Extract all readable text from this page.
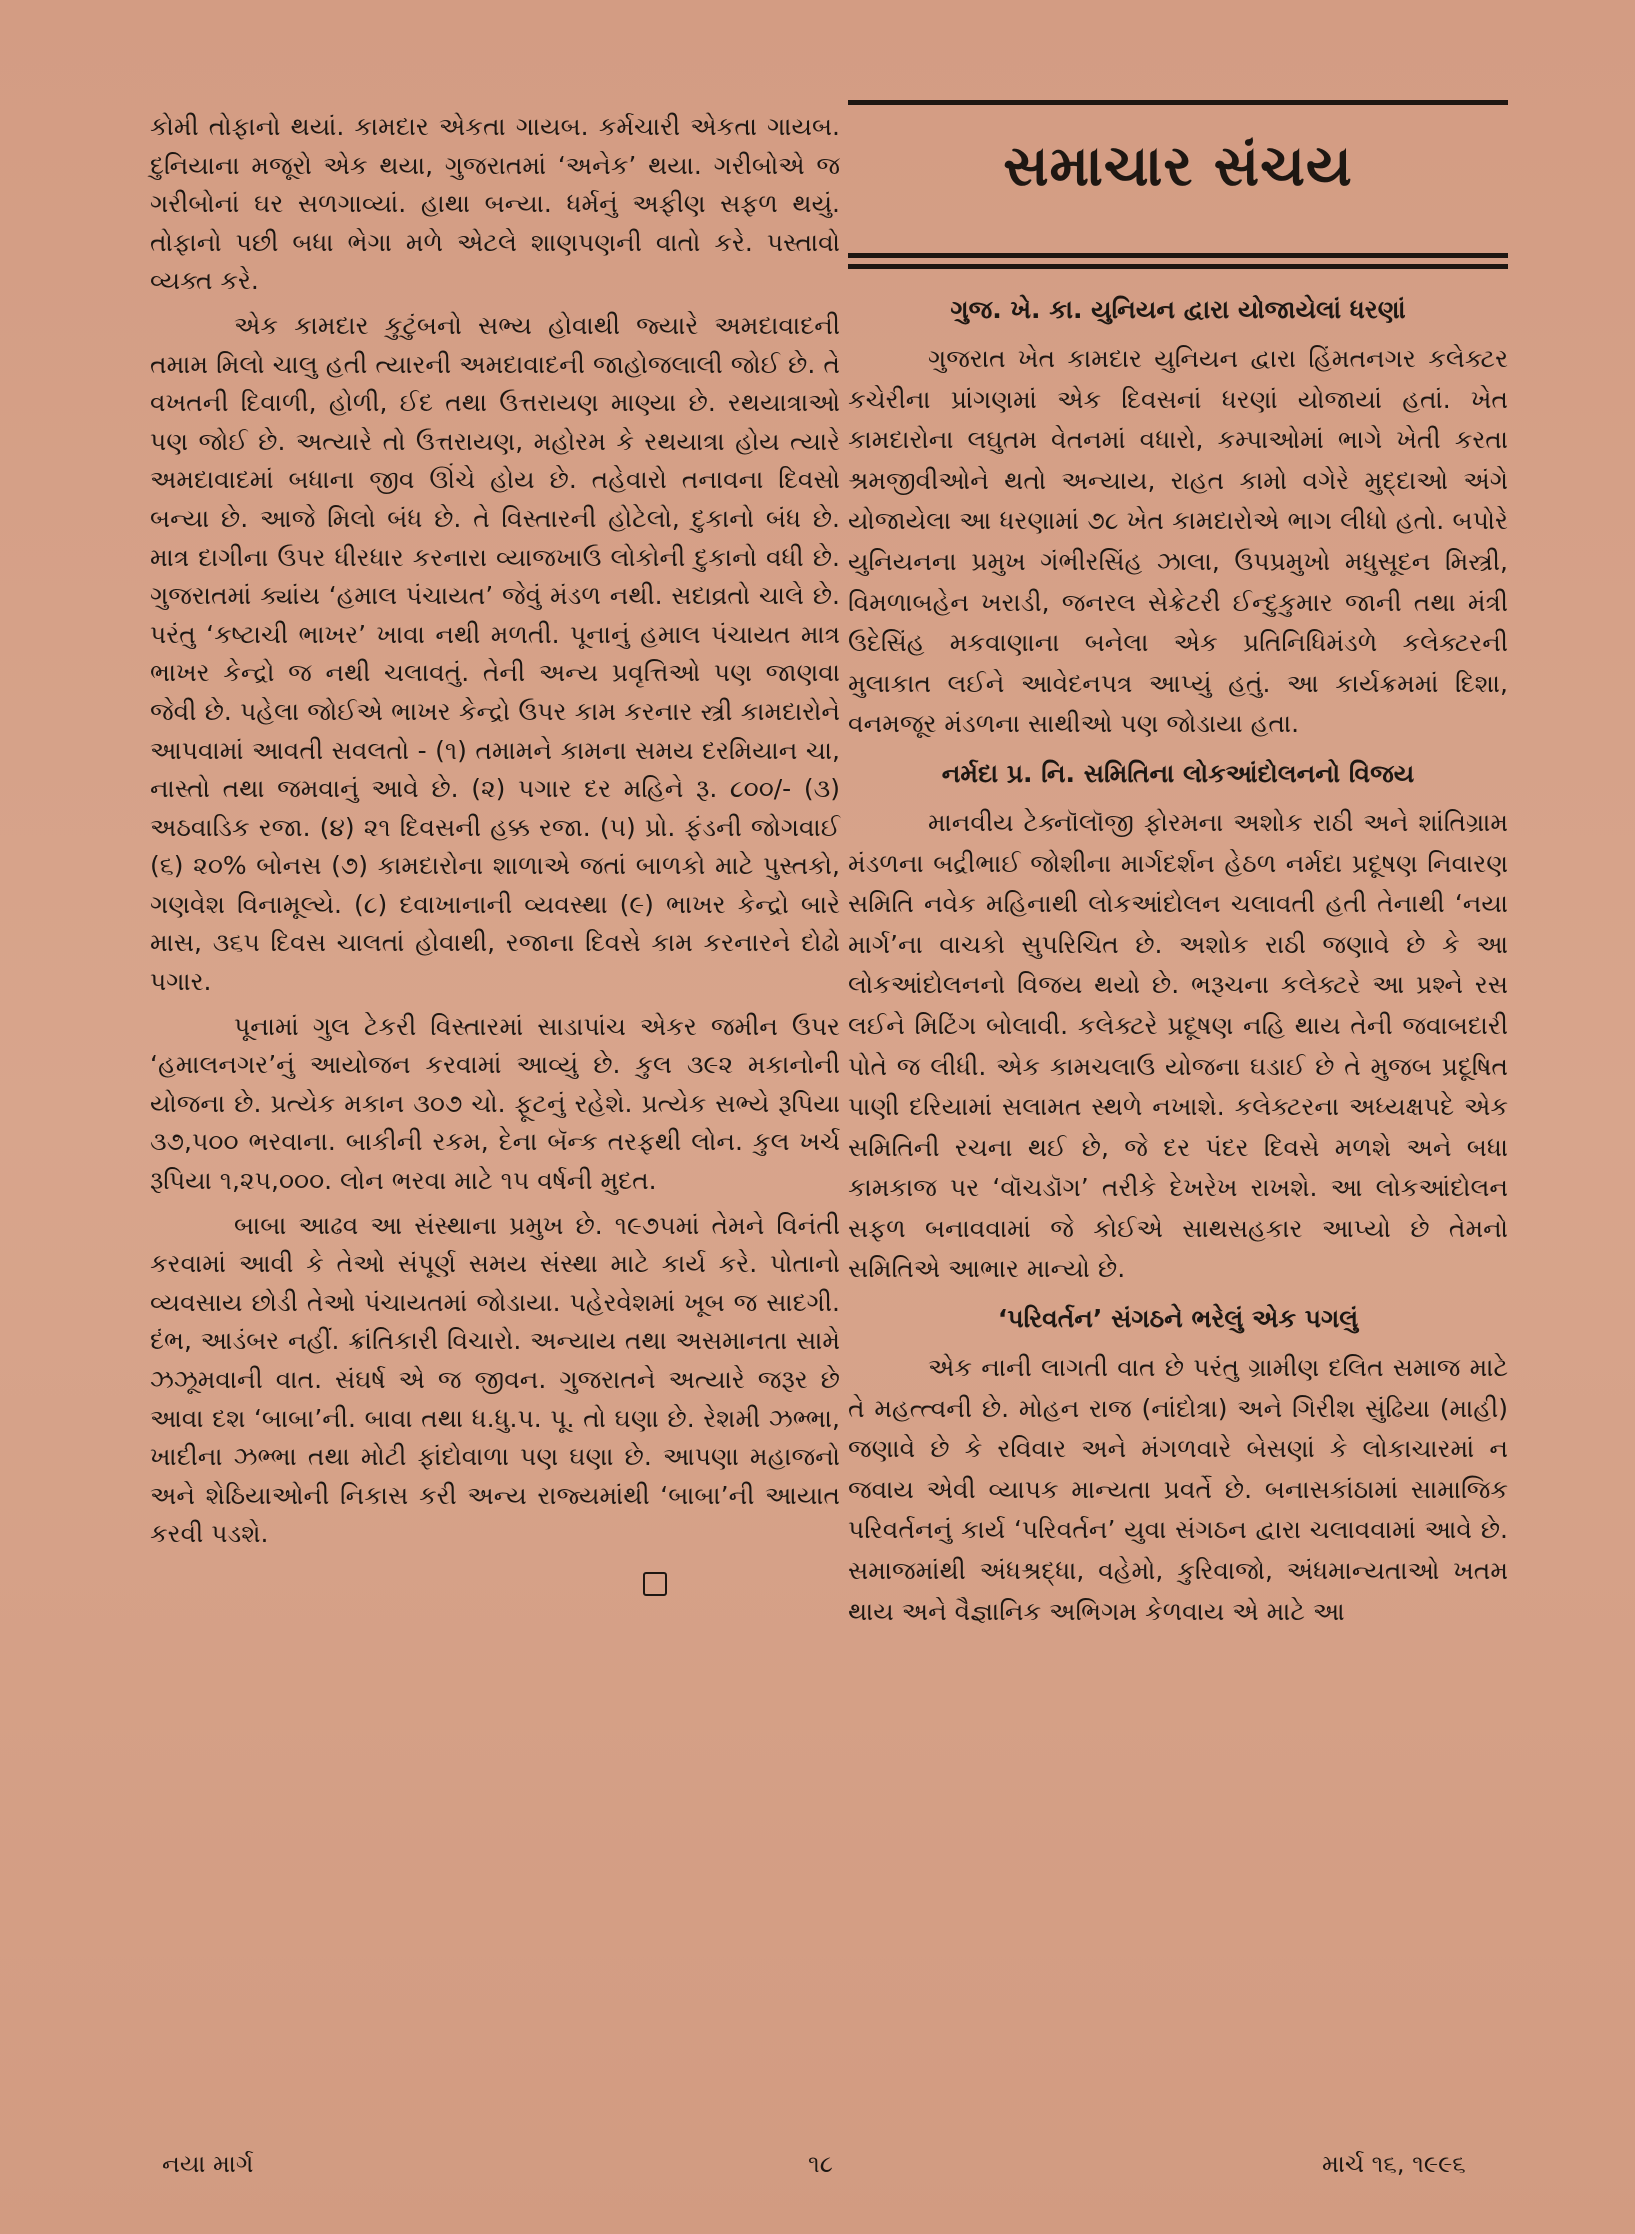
કોમી તોફાનો થયાં. કામદાર એકતા ગાયબ. કર્મચારી એકતા ગાયબ. દુનિયાના મજૂરો એક થયા, ગુજરાતમાં ‘અનેક’ થયા. ગરીબોએ જ ગરીબોનાં ઘર સળગાવ્યાં. હાથા બન્યા. ધર્મનું અફીણ સફળ થયું. તોફાનો પછી બધા ભેગા મળે એટલે શાણપણની વાતો કરે. પસ્તાવો વ્યક્ત કરે.

એક કામદાર કુટુંબનો સભ્ય હોવાથી જ્યારે અમદાવાદની તમામ મિલો ચાલુ હતી ત્યારની અમદાવાદની જાહોજલાલી જોઈ છે. તે વખતની દિવાળી, હોળી, ઈદ તથા ઉત્તરાયણ માણ્યા છે. રથયાત્રાઓ પણ જોઈ છે. અત્યારે તો ઉત્તરાયણ, મહોરમ કે રથયાત્રા હોય ત્યારે અમદાવાદમાં બધાના જીવ ઊંચે હોય છે. તહેવારો તનાવના દિવસો બન્યા છે. આજે મિલો બંધ છે. તે વિસ્તારની હોટેલો, દુકાનો બંધ છે. માત્ર દાગીના ઉપર ધીરધાર કરનારા વ્યાજખાઉ લોકોની દુકાનો વધી છે. ગુજરાતમાં ક્યાંય ‘હમાલ પંચાયત’ જેવું મંડળ નથી. સદાવ્રતો ચાલે છે. પરંતુ ‘કષ્ટાચી ભાખર’ ખાવા નથી મળતી. પૂનાનું હમાલ પંચાયત માત્ર ભાખર કેન્દ્રો જ નથી ચલાવતું. તેની અન્ય પ્રવૃત્તિઓ પણ જાણવા જેવી છે. પહેલા જોઈએ ભાખર કેન્દ્રો ઉપર કામ કરનાર સ્ત્રી કામદારોને આપવામાં આવતી સવલતો - (૧) તમામને કામના સમય દરમિયાન ચા, નાસ્તો તથા જમવાનું આવે છે. (૨) પગાર દર મહિને રૂ. ૮૦૦/- (૩) અઠવાડિક રજા. (૪) ૨૧ દિવસની હક્ક રજા. (૫) પ્રો. ફંડની જોગવાઈ (૬) ૨૦% બોનસ (૭) કામદારોના શાળાએ જતાં બાળકો માટે પુસ્તકો, ગણવેશ વિનામૂલ્યે. (૮) દવાખાનાની વ્યવસ્થા (૯) ભાખર કેન્દ્રો બારે માસ, ૩૬૫ દિવસ ચાલતાં હોવાથી, રજાના દિવસે કામ કરનારને દોઢો પગાર.

પૂનામાં ગુલ ટેકરી વિસ્તારમાં સાડાપાંચ એકર જમીન ઉપર ‘હમાલનગર’નું આયોજન કરવામાં આવ્યું છે. કુલ ૩૯૨ મકાનોની યોજના છે. પ્રત્યેક મકાન ૩૦૭ ચો. ફૂટનું રહેશે. પ્રત્યેક સભ્યે રૂપિયા ૩૭,૫૦૦ ભરવાના. બાકીની રકમ, દેના બૅન્ક તરફથી લોન. કુલ ખર્ચ રૂપિયા ૧,૨૫,૦૦૦. લોન ભરવા માટે ૧૫ વર્ષની મુદત.

બાબા આઢવ આ સંસ્થાના પ્રમુખ છે. ૧૯૭૫માં તેમને વિનંતી કરવામાં આવી કે તેઓ સંપૂર્ણ સમય સંસ્થા માટે કાર્ય કરે. પોતાનો વ્યવસાય છોડી તેઓ પંચાયતમાં જોડાયા. પહેરવેશમાં ખૂબ જ સાદગી. દંભ, આડંબર નહીં. ક્રાંતિકારી વિચારો. અન્યાય તથા અસમાનતા સામે ઝઝૂમવાની વાત. સંઘર્ષ એ જ જીવન. ગુજરાતને અત્યારે જરૂર છે આવા દશ ‘બાબા’ની. બાવા તથા ધ.ધુ.પ. પૂ. તો ઘણા છે. રેશમી ઝભ્ભા, ખાદીના ઝભ્ભા તથા મોટી ફાંદોવાળા પણ ઘણા છે. આપણા મહાજનો અને શેઠિયાઓની નિકાસ કરી અન્ય રાજ્યમાંથી ‘બાબા’ની આયાત કરવી પડશે.

સમાચાર સંચય
ગુજ. ખે. કા. યુનિયન દ્વારા યોજાયેલાં ધરણાં

ગુજરાત ખેત કામદાર યુનિયન દ્વારા હિંમતનગર કલેક્ટર કચેરીના પ્રાંગણમાં એક દિવસનાં ધરણાં યોજાયાં હતાં. ખેત કામદારોના લઘુતમ વેતનમાં વધારો, કમ્પાઓમાં ભાગે ખેતી કરતા શ્રમજીવીઓને થતો અન્યાય, રાહત કામો વગેરે મુદ્દાઓ અંગે યોજાયેલા આ ધરણામાં ૭૮ ખેત કામદારોએ ભાગ લીધો હતો. બપોરે યુનિયનના પ્રમુખ ગંભીરસિંહ ઝાલા, ઉપપ્રમુખો મધુસૂદન મિસ્ત્રી, વિમળાબહેન ખરાડી, જનરલ સેક્રેટરી ઈન્દુકુમાર જાની તથા મંત્રી ઉદેસિંહ મકવાણાના બનેલા એક પ્રતિનિધિમંડળે કલેક્ટરની મુલાકાત લઈને આવેદનપત્ર આપ્યું હતું. આ કાર્યક્રમમાં દિશા, વનમજૂર મંડળના સાથીઓ પણ જોડાયા હતા.

નર્મદા પ્ર. નિ. સમિતિના લોકઆંદોલનનો વિજય

માનવીય ટેક્નૉલૉજી ફોરમના અશોક રાઠી અને શાંતિગ્રામ મંડળના બદ્રીભાઈ જોશીના માર્ગદર્શન હેઠળ નર્મદા પ્રદૂષણ નિવારણ સમિતિ નવેક મહિનાથી લોકઆંદોલન ચલાવતી હતી તેનાથી ‘નયા માર્ગ’ના વાચકો સુપરિચિત છે. અશોક રાઠી જણાવે છે કે આ લોકઆંદોલનનો વિજય થયો છે. ભરૂચના કલેક્ટરે આ પ્રશ્ને રસ લઈને મિટિંગ બોલાવી. કલેક્ટરે પ્રદૂષણ નહિ થાય તેની જવાબદારી પોતે જ લીધી. એક કામચલાઉ યોજના ઘડાઈ છે તે મુજબ પ્રદૂષિત પાણી દરિયામાં સલામત સ્થળે નખાશે. કલેક્ટરના અધ્યક્ષપદે એક સમિતિની રચના થઈ છે, જે દર પંદર દિવસે મળશે અને બધા કામકાજ પર ‘વૉચડૉગ’ તરીકે દેખરેખ રાખશે. આ લોકઆંદોલન સફળ બનાવવામાં જે કોઈએ સાથસહકાર આપ્યો છે તેમનો સમિતિએ આભાર માન્યો છે.

‘પરિવર્તન’ સંગઠને ભરેલું એક પગલું

એક નાની લાગતી વાત છે પરંતુ ગ્રામીણ દલિત સમાજ માટે તે મહત્ત્વની છે. મોહન રાજ (નાંદોત્રા) અને ગિરીશ સુંઢિયા (માહી) જણાવે છે કે રવિવાર અને મંગળવારે બેસણાં કે લોકાચારમાં ન જવાય એવી વ્યાપક માન્યતા પ્રવર્તે છે. બનાસકાંઠામાં સામાજિક પરિવર્તનનું કાર્ય ‘પરિવર્તન’ યુવા સંગઠન દ્વારા ચલાવવામાં આવે છે. સમાજમાંથી અંધશ્રદ્ધા, વહેમો, કુરિવાજો, અંધમાન્યતાઓ ખતમ થાય અને વૈજ્ઞાનિક અભિગમ કેળવાય એ માટે આ

નયા માર્ગ	૧૮	માર્ચ ૧૬, ૧૯૯૬
